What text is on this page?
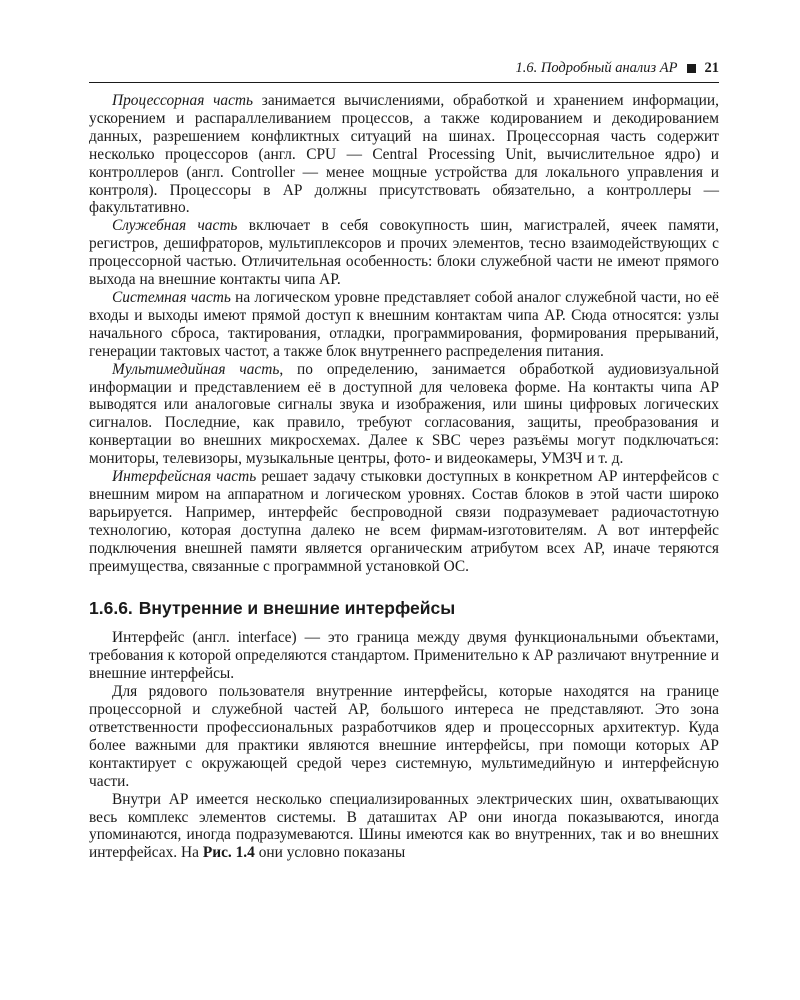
1.6. Подробный анализ АР 21

Процессорная часть занимается вычислениями, обработкой и хранением информации, ускорением и распараллеливанием процессов, а также кодированием и декодированием данных, разрешением конфликтных ситуаций на шинах. Процессорная часть содержит несколько процессоров (англ. CPU — Central Processing Unit, вычислительное ядро) и контроллеров (англ. Controller — менее мощные устройства для локального управления и контроля). Процессоры в АР должны присутствовать обязательно, а контроллеры — факультативно.

Служебная часть включает в себя совокупность шин, магистралей, ячеек памяти, регистров, дешифраторов, мультиплексоров и прочих элементов, тесно взаимодействующих с процессорной частью. Отличительная особенность: блоки служебной части не имеют прямого выхода на внешние контакты чипа АР.

Системная часть на логическом уровне представляет собой аналог служебной части, но её входы и выходы имеют прямой доступ к внешним контактам чипа АР. Сюда относятся: узлы начального сброса, тактирования, отладки, программирования, формирования прерываний, генерации тактовых частот, а также блок внутреннего распределения питания.

Мультимедийная часть, по определению, занимается обработкой аудиовизуальной информации и представлением её в доступной для человека форме. На контакты чипа АР выводятся или аналоговые сигналы звука и изображения, или шины цифровых логических сигналов. Последние, как правило, требуют согласования, защиты, преобразования и конвертации во внешних микросхемах. Далее к SBC через разъёмы могут подключаться: мониторы, телевизоры, музыкальные центры, фото- и видеокамеры, УМЗЧ и т. д.

Интерфейсная часть решает задачу стыковки доступных в конкретном АР интерфейсов с внешним миром на аппаратном и логическом уровнях. Состав блоков в этой части широко варьируется. Например, интерфейс беспроводной связи подразумевает радиочастотную технологию, которая доступна далеко не всем фирмам-изготовителям. А вот интерфейс подключения внешней памяти является органическим атрибутом всех АР, иначе теряются преимущества, связанные с программной установкой ОС.

1.6.6. Внутренние и внешние интерфейсы

Интерфейс (англ. interface) — это граница между двумя функциональными объектами, требования к которой определяются стандартом. Применительно к АР различают внутренние и внешние интерфейсы.

Для рядового пользователя внутренние интерфейсы, которые находятся на границе процессорной и служебной частей АР, большого интереса не представляют. Это зона ответственности профессиональных разработчиков ядер и процессорных архитектур. Куда более важными для практики являются внешние интерфейсы, при помощи которых АР контактирует с окружающей средой через системную, мультимедийную и интерфейсную части.

Внутри АР имеется несколько специализированных электрических шин, охватывающих весь комплекс элементов системы. В даташитах АР они иногда показываются, иногда упоминаются, иногда подразумеваются. Шины имеются как во внутренних, так и во внешних интерфейсах. На Рис. 1.4 они условно показаны
